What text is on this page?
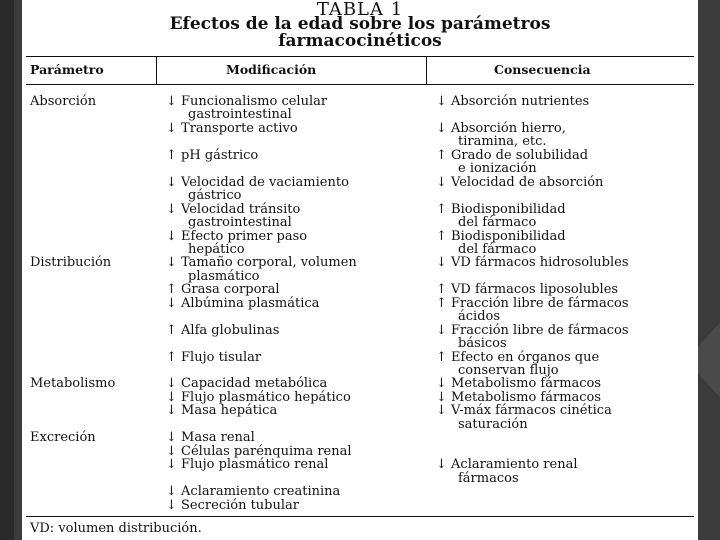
TABLA 1
Efectos de la edad sobre los parámetros
farmacocinéticos
Parámetro	Modificación	Consecuencia
Absorción	↓ Funcionalismo celular	↓ Absorción nutrientes
gastrointestinal
↓ Transporte activo	↓ Absorción hierro,
tiramina, etc.
↑ pH gástrico	↑ Grado de solubilidad
e ionización
↓ Velocidad de vaciamiento	↓ Velocidad de absorción
gástrico
↓ Velocidad tránsito	↑ Biodisponibilidad
gastrointestinal	del fármaco
↓ Efecto primer paso	↑ Biodisponibilidad
hepático	del fármaco
Distribución	↓ Tamaño corporal, volumen	↓ VD fármacos hidrosolubles
plasmático
↑ Grasa corporal	↑ VD fármacos liposolubles
↓ Albúmina plasmática	↑ Fracción libre de fármacos
ácidos
↑ Alfa globulinas	↓ Fracción libre de fármacos
básicos
↑ Flujo tisular	↑ Efecto en órganos que
conservan flujo
Metabolismo	↓ Capacidad metabólica	↓ Metabolismo fármacos
↓ Flujo plasmático hepático	↓ Metabolismo fármacos
↓ Masa hepática	↓ V-máx fármacos cinética
saturación
Excreción	↓ Masa renal
↓ Células parénquima renal
↓ Flujo plasmático renal	↓ Aclaramiento renal
fármacos
↓ Aclaramiento creatinina
↓ Secreción tubular
VD: volumen distribución.
